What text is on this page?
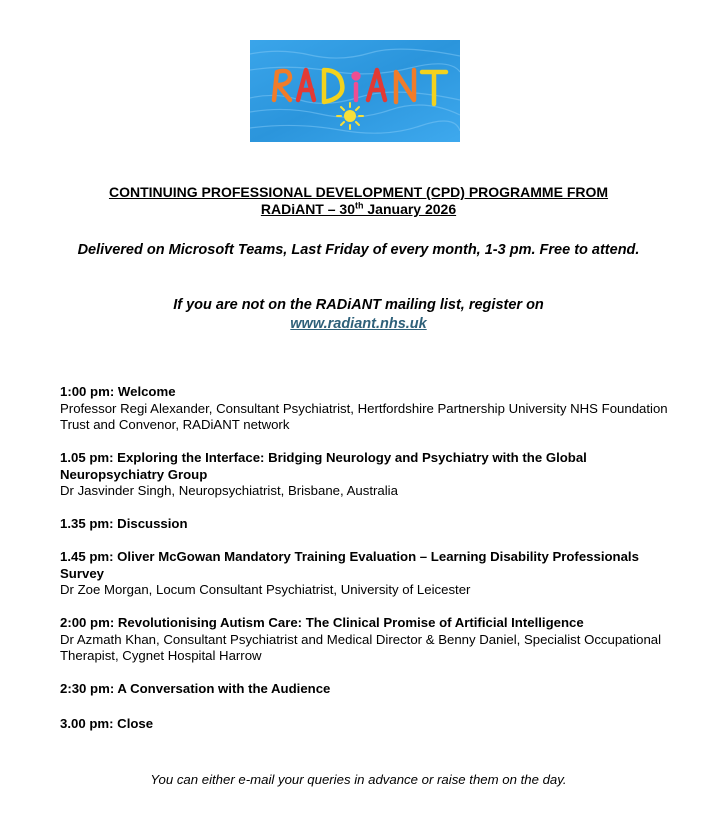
CONTINUING PROFESSIONAL DEVELOPMENT (CPD) PROGRAMME FROM
RADiANT – 30th January 2026
Delivered on Microsoft Teams, Last Friday of every month, 1-3 pm. Free to attend.
If you are not on the RADiANT mailing list, register on
www.radiant.nhs.uk
1:00 pm: Welcome
Professor Regi Alexander, Consultant Psychiatrist, Hertfordshire Partnership University NHS Foundation Trust and Convenor, RADiANT network
1.05 pm: Exploring the Interface: Bridging Neurology and Psychiatry with the Global Neuropsychiatry Group
Dr Jasvinder Singh, Neuropsychiatrist, Brisbane, Australia
1.35 pm: Discussion
1.45 pm: Oliver McGowan Mandatory Training Evaluation – Learning Disability Professionals Survey
Dr Zoe Morgan, Locum Consultant Psychiatrist, University of Leicester
2:00 pm: Revolutionising Autism Care: The Clinical Promise of Artificial Intelligence
Dr Azmath Khan, Consultant Psychiatrist and Medical Director & Benny Daniel, Specialist Occupational Therapist, Cygnet Hospital Harrow
2:30 pm: A Conversation with the Audience
3.00 pm: Close
You can either e-mail your queries in advance or raise them on the day.
